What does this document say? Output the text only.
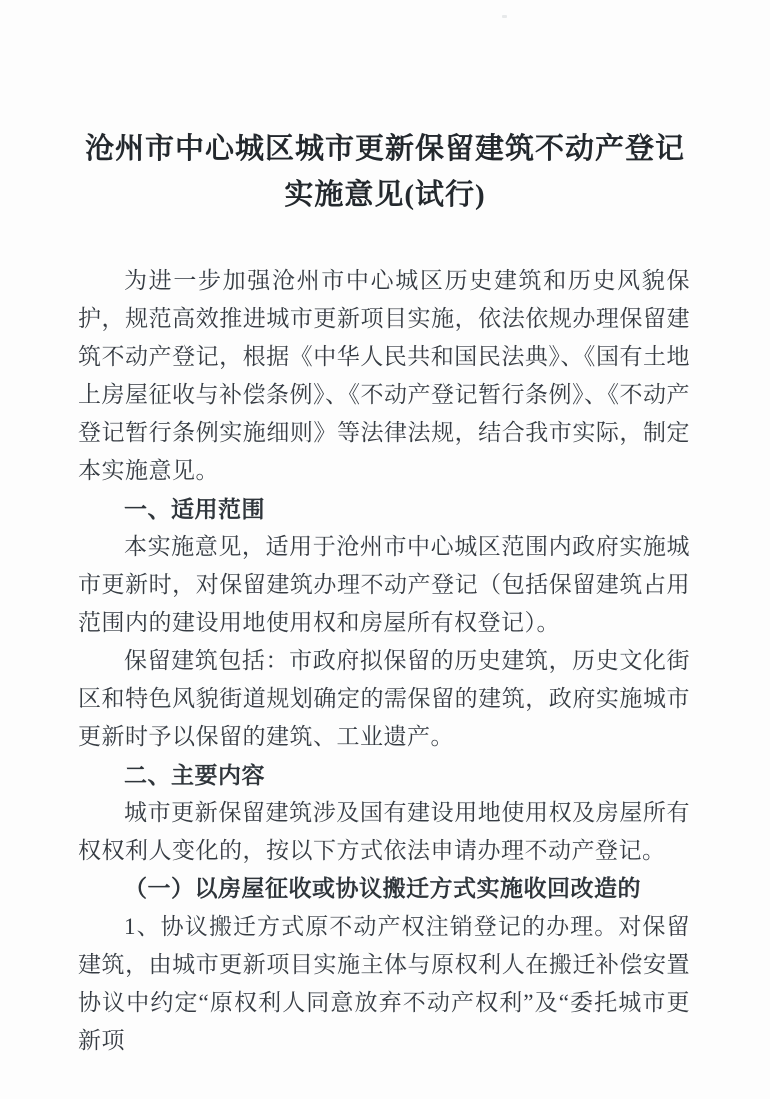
沧州市中心城区城市更新保留建筑不动产登记
实施意见(试行)

为进一步加强沧州市中心城区历史建筑和历史风貌保护，规范高效推进城市更新项目实施，依法依规办理保留建筑不动产登记，根据《中华人民共和国民法典》、《国有土地上房屋征收与补偿条例》、《不动产登记暂行条例》、《不动产登记暂行条例实施细则》等法律法规，结合我市实际，制定本实施意见。

一、适用范围

本实施意见，适用于沧州市中心城区范围内政府实施城市更新时，对保留建筑办理不动产登记（包括保留建筑占用范围内的建设用地使用权和房屋所有权登记）。

保留建筑包括：市政府拟保留的历史建筑，历史文化街区和特色风貌街道规划确定的需保留的建筑，政府实施城市更新时予以保留的建筑、工业遗产。

二、主要内容

城市更新保留建筑涉及国有建设用地使用权及房屋所有权权利人变化的，按以下方式依法申请办理不动产登记。

（一）以房屋征收或协议搬迁方式实施收回改造的

1、协议搬迁方式原不动产权注销登记的办理。对保留建筑，由城市更新项目实施主体与原权利人在搬迁补偿安置协议中约定“原权利人同意放弃不动产权利”及“委托城市更新项
